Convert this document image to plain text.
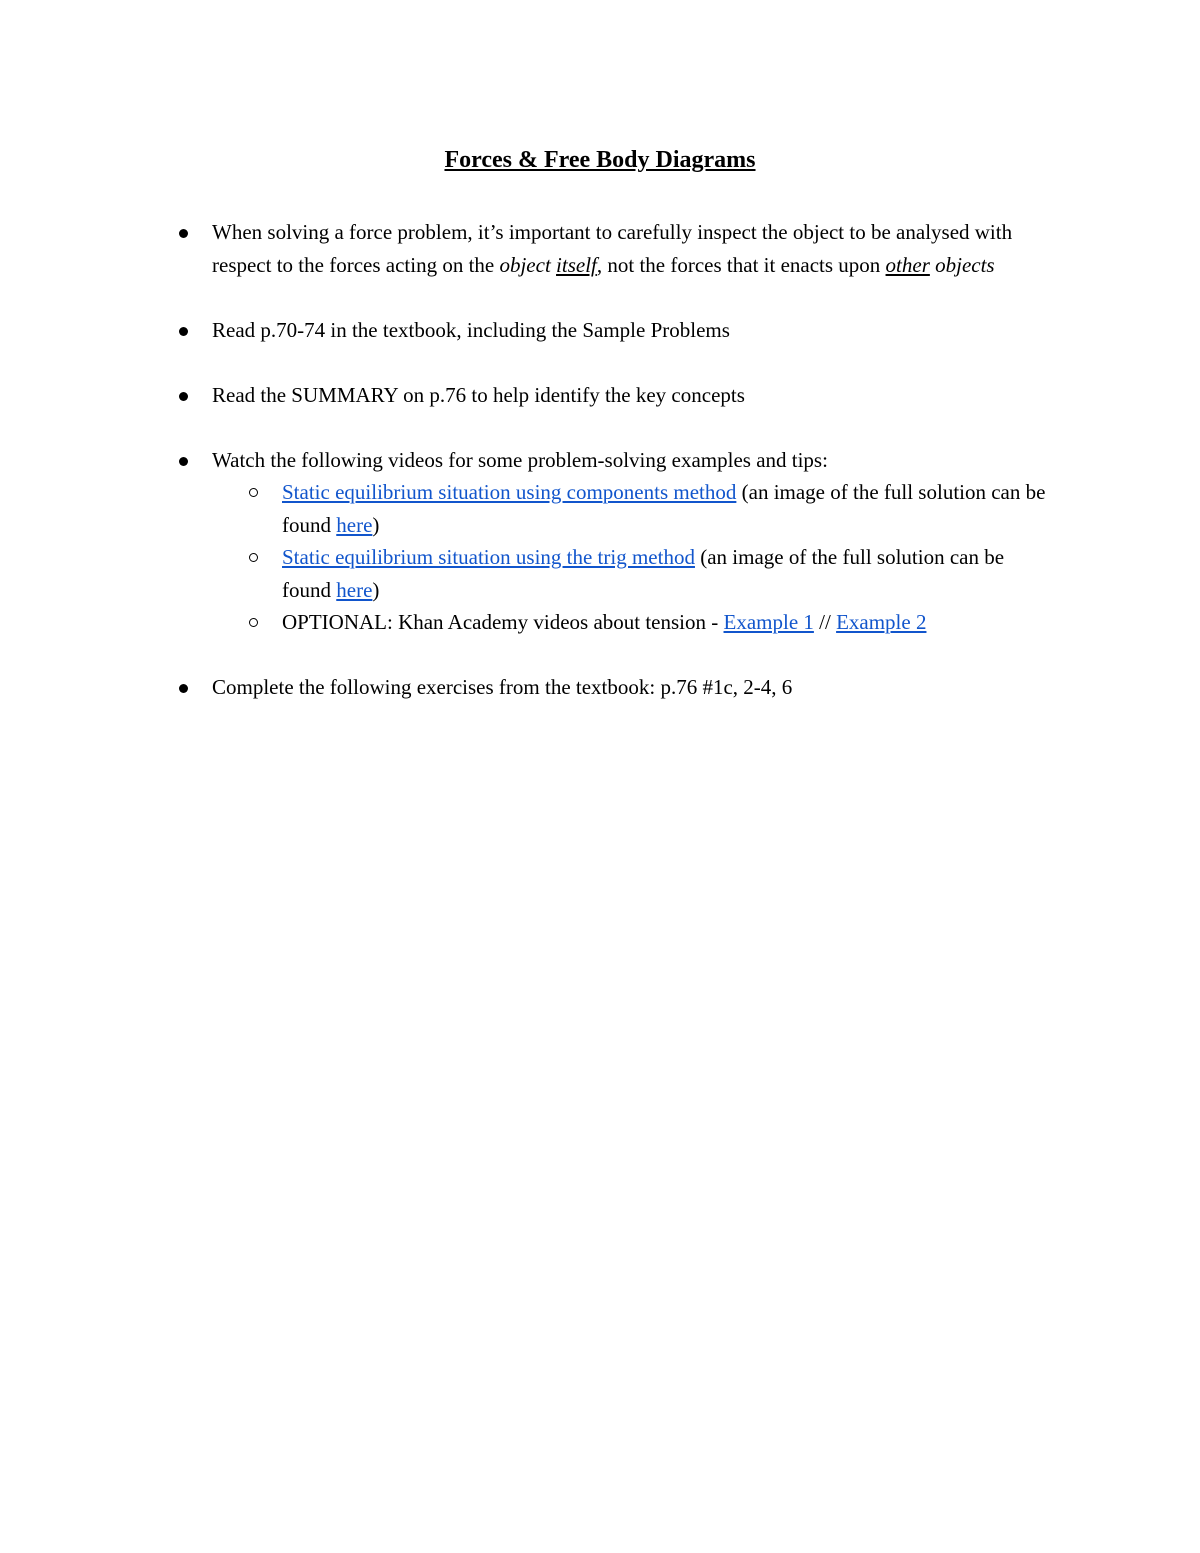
Forces & Free Body Diagrams
When solving a force problem, it’s important to carefully inspect the object to be analysed with respect to the forces acting on the object itself, not the forces that it enacts upon other objects
Read p.70-74 in the textbook, including the Sample Problems
Read the SUMMARY on p.76 to help identify the key concepts
Watch the following videos for some problem-solving examples and tips:
Static equilibrium situation using components method (an image of the full solution can be found here)
Static equilibrium situation using the trig method (an image of the full solution can be found here)
OPTIONAL: Khan Academy videos about tension - Example 1 // Example 2
Complete the following exercises from the textbook: p.76 #1c, 2-4, 6
